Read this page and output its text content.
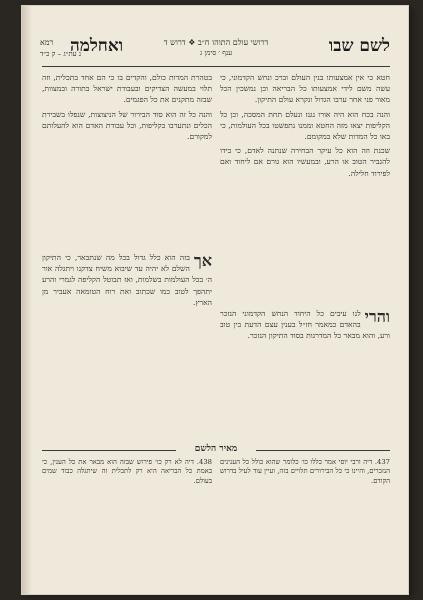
לשם שבו
דרושי עולם התוהו ח״ב ❖ דרוש ד
ענף ׳ סימן ג
ואחלמה
רמא
נ עת״ג – ק כ״ד

חטא כי אין אמצעותו בנין העולם וברכ ונחש הקדמוני, כי עשה משם לידי אמצעותו כל הבריאה וכן נמשכין הכל מאור פני אחר ערבו הגדול ונקרא עולם התיקון.

והנה בכח הוא היה אורו נגנז ונעלם תחת המסכה, וכן כל הקליפות יצאו מזה החטא וממנו נתפשטו בכל העולמות, כי באו כל המדות שלא במקומם.

שכנת וזה הוא כל עיקר הבחירה שנתנה לאדם, כי בידו להגביר הטוב או הרע, ובמעשיו הוא גורם אם ליחוד ואם לפירוד חלילה.

והרי
לנו עיבים כל היחוד הנחש הקדמוני הנזכר בהאדם כמאמר חז״ל בענין עצם הדעת בין טוב ורע, והוא מבאר כל המדרגות בסוד התיקון הנזכר.

בטהרת המדות כולם, והקדים בו כי הם אחד בתכלית, וזה תלוי במעשה הצדיקים ובעבודת ישראל בתורה ובמצוות, שבזה מתקנים את כל הפגמים.

והנה כל זה הוא סוד הבירור של הניצוצות, שנפלו בשבירת הכלים ונתערבו בקליפות, וכל עבודת האדם הוא להעלותם למקורם.

אך
בזה הוא כלל גדול בכל מה שנתבאר, כי התיקון השלם לא יהיה עד שיבוא משיח צדקנו ויתגלה אור ה׳ בכל העולמות בשלמות, ואז תבוטל הקליפה לגמרי והרע יתהפך לטוב כמו שכתוב ואת רוח הטומאה אעביר מן הארץ.
מאיר הלשם
437. דיה ורבי יוסי אמר כללו כו׳ כלומר שהוא כולל כל הענינים הנזכרים, והיינו כי כל הבירורים תלויים בזה, ועיין עוד לעיל בדרוש הקודם.
438. דיה לא רק כו׳ פירוש שבזה הוא מבאר את כל הענין, כי באמת כל הבריאה היא רק לתכלית זה שיתגלה כבוד שמים בעולם.
